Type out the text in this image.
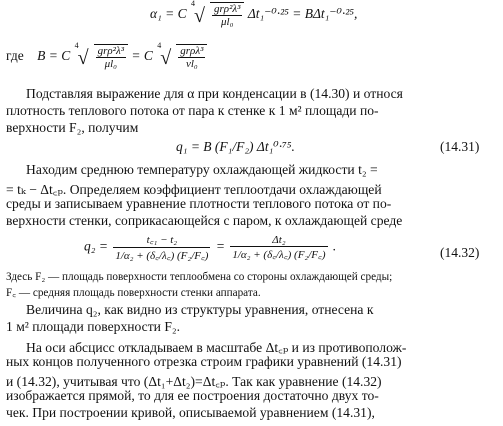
α₁ = C
4
√ $\frac{\text{grρ²λ³}}{\text{μl₀}} \Delta t_1^{-0}\cdot^{25} = B\Delta t_1^{-0}\cdot^{25}$,
где B = C
4
√ $\frac{\text{grρ²λ³}}{\text{μl₀}} = C$
4
√ $\frac{\text{grρλ³}}{\text{νl₀}}$
Подставляя выражение для α при конденсации в (14.30) и относя
плотность теплового потока от пара к стенке к 1 м² площади по-
верхности F₂, получим
q₁ = B (F₁/F₂) Δt₁⁰·⁷⁵.	(14.31)
Находим среднюю температуру охлаждающей жидкости t₂ =
= tₖ − Δt꜀ₚ. Определяем коэффициент теплоотдачи охлаждающей
среды и записываем уравнение плотности теплового потока от по-
верхности стенки, соприкасающейся с паром, к охлаждающей среде
$q_2 = \frac{\text{t꜀₁ − t₂}}{\text{1/α₂ + (δ꜀/λ꜀) (F₂/F꜀)}} = \frac{\text{Δt₂}}{\text{1/α₂ + (δ꜀/λ꜀) (F₂/F꜀)}}$ .	(14.32)
Здесь F₂ — площадь поверхности теплообмена со стороны охлаждающей среды;
F꜀ — средняя площадь поверхности стенки аппарата.
Величина q₂, как видно из структуры уравнения, отнесена к
1 м² площади поверхности F₂.
На оси абсцисс откладываем в масштабе Δt꜀ₚ и из противополож-
ных концов полученного отрезка строим графики уравнений (14.31)
и (14.32), учитывая что (Δt₁+Δt₂)=Δt꜀ₚ. Так как уравнение (14.32)
изображается прямой, то для ее построения достаточно двух то-
чек. При построении кривой, описываемой уравнением (14.31),
